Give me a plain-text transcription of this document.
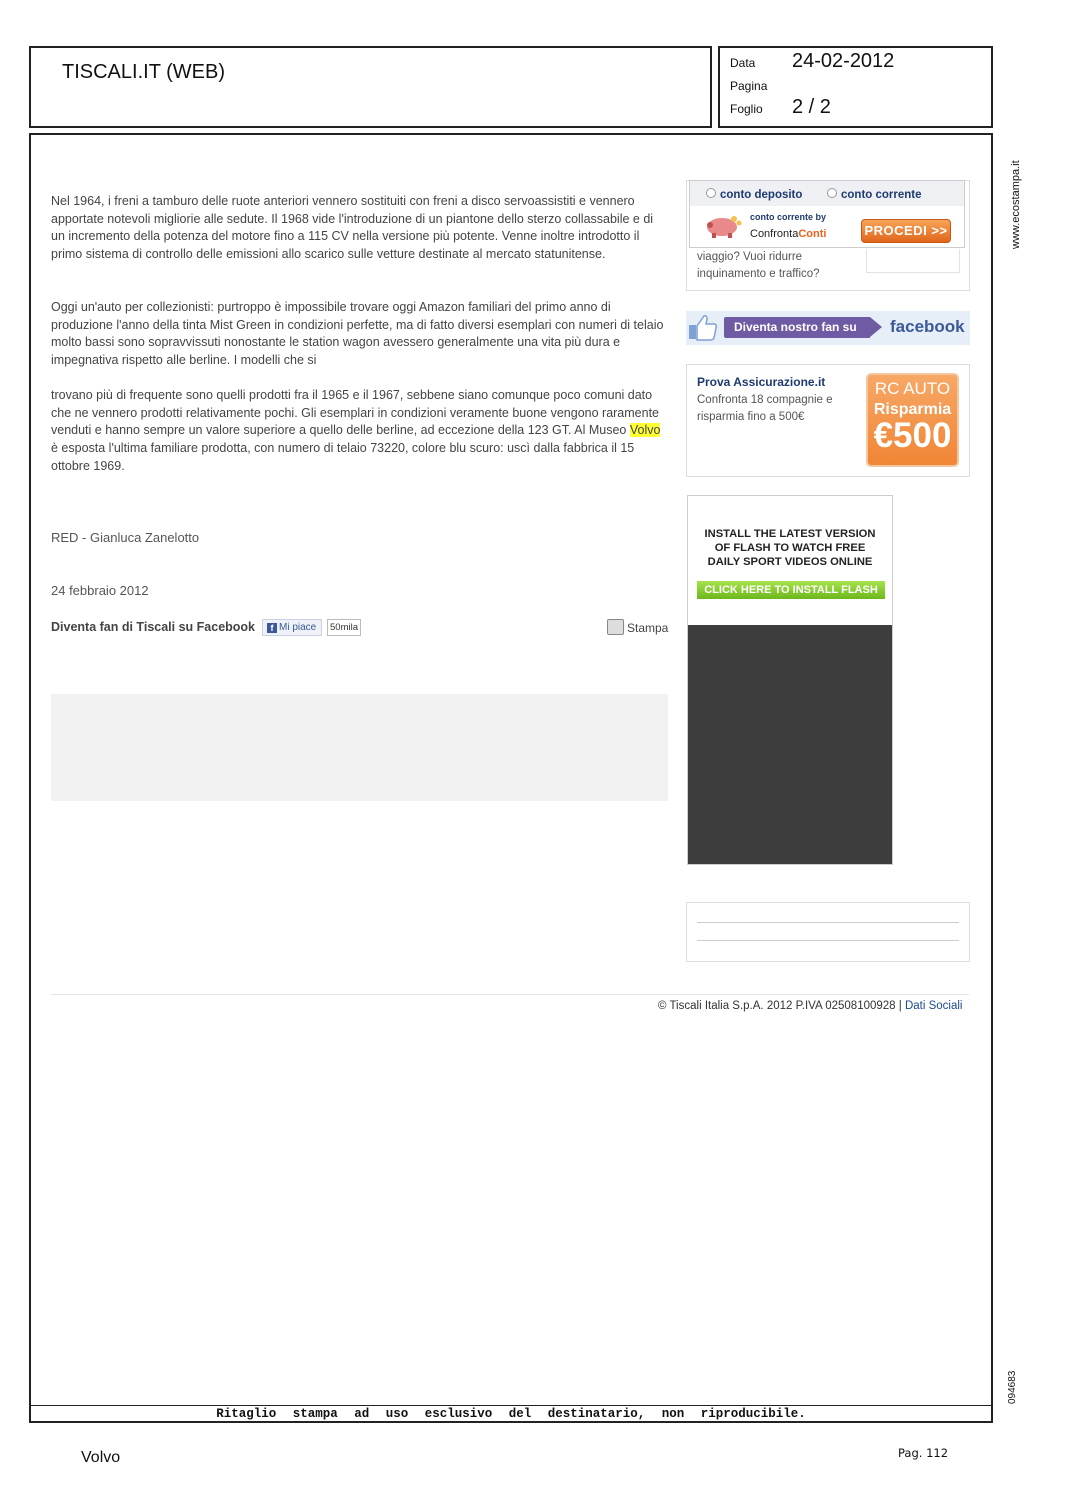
TISCALI.IT (WEB)	Data 24-02-2012
Pagina
Foglio 2 / 2
www.ecostampa.it
094683
Nel 1964, i freni a tamburo delle ruote anteriori vennero sostituiti con freni a disco servoassistiti e vennero apportate notevoli migliorie alle sedute. Il 1968 vide l'introduzione di un piantone dello sterzo collassabile e di un incremento della potenza del motore fino a 115 CV nella versione più potente. Venne inoltre introdotto il primo sistema di controllo delle emissioni allo scarico sulle vetture destinate al mercato statunitense.
Oggi un'auto per collezionisti: purtroppo è impossibile trovare oggi Amazon familiari del primo anno di produzione l'anno della tinta Mist Green in condizioni perfette, ma di fatto diversi esemplari con numeri di telaio molto bassi sono sopravvissuti nonostante le station wagon avessero generalmente una vita più dura e impegnativa rispetto alle berline. I modelli che si
trovano più di frequente sono quelli prodotti fra il 1965 e il 1967, sebbene siano comunque poco comuni dato che ne vennero prodotti relativamente pochi. Gli esemplari in condizioni veramente buone vengono raramente venduti e hanno sempre un valore superiore a quello delle berline, ad eccezione della 123 GT. Al Museo Volvo è esposta l'ultima familiare prodotta, con numero di telaio 73220, colore blu scuro: uscì dalla fabbrica il 15 ottobre 1969.
RED - Gianluca Zanelotto
24 febbraio 2012
Diventa fan di Tiscali su Facebook	f Mi piace	50mila	Stampa
conto deposito	conto corrente
conto corrente by
ConfrontaConti	PROCEDI >>
viaggio? Vuoi ridurre inquinamento e traffico?
Diventa nostro fan su	facebook
Prova Assicurazione.it
Confronta 18 compagnie e risparmia fino a 500€
RC AUTO
Risparmia
€500
INSTALL THE LATEST VERSION OF FLASH TO WATCH FREE DAILY SPORT VIDEOS ONLINE
CLICK HERE TO INSTALL FLASH
© Tiscali Italia S.p.A. 2012 P.IVA 02508100928 | Dati Sociali
Ritaglio stampa ad uso esclusivo del destinatario, non riproducibile.
Volvo	Pag. 112
